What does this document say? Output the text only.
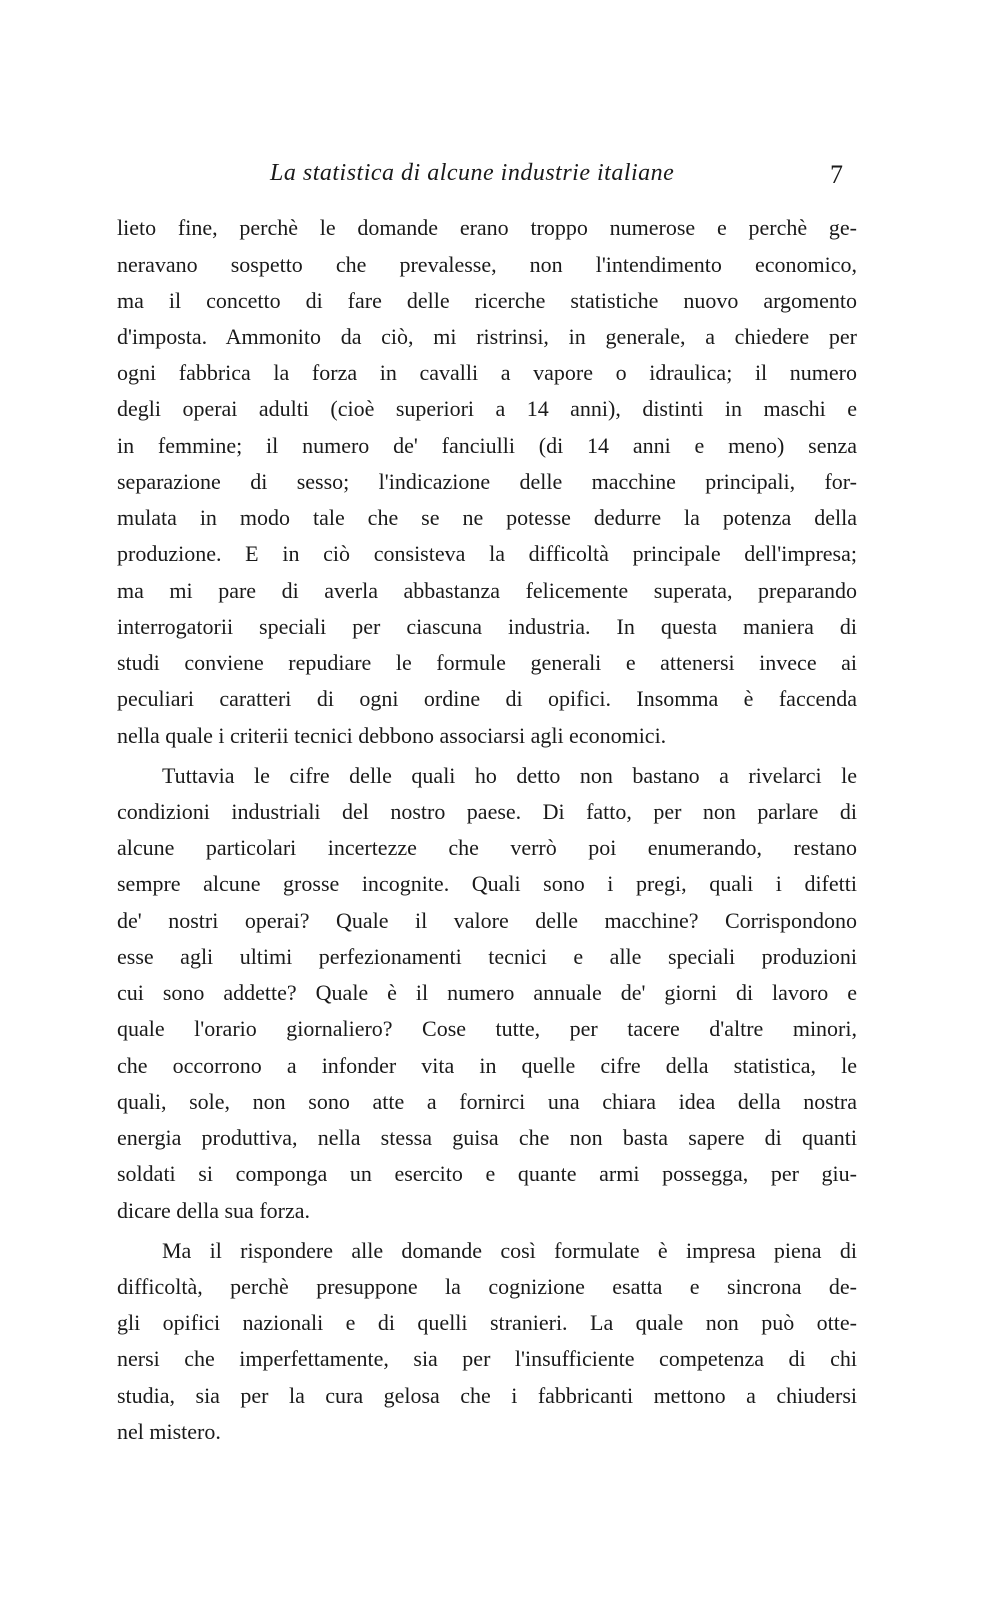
La statistica di alcune industrie italiane	7
lieto fine, perchè le domande erano troppo numerose e perchè ge-
neravano sospetto che prevalesse, non l'intendimento economico,
ma il concetto di fare delle ricerche statistiche nuovo argomento
d'imposta. Ammonito da ciò, mi ristrinsi, in generale, a chiedere per
ogni fabbrica la forza in cavalli a vapore o idraulica; il numero
degli operai adulti (cioè superiori a 14 anni), distinti in maschi e
in femmine; il numero de' fanciulli (di 14 anni e meno) senza
separazione di sesso; l'indicazione delle macchine principali, for-
mulata in modo tale che se ne potesse dedurre la potenza della
produzione. E in ciò consisteva la difficoltà principale dell'impresa;
ma mi pare di averla abbastanza felicemente superata, preparando
interrogatorii speciali per ciascuna industria. In questa maniera di
studi conviene repudiare le formule generali e attenersi invece ai
peculiari caratteri di ogni ordine di opifici. Insomma è faccenda
nella quale i criterii tecnici debbono associarsi agli economici.
Tuttavia le cifre delle quali ho detto non bastano a rivelarci le
condizioni industriali del nostro paese. Di fatto, per non parlare di
alcune particolari incertezze che verrò poi enumerando, restano
sempre alcune grosse incognite. Quali sono i pregi, quali i difetti
de' nostri operai? Quale il valore delle macchine? Corrispondono
esse agli ultimi perfezionamenti tecnici e alle speciali produzioni
cui sono addette? Quale è il numero annuale de' giorni di lavoro e
quale l'orario giornaliero? Cose tutte, per tacere d'altre minori,
che occorrono a infonder vita in quelle cifre della statistica, le
quali, sole, non sono atte a fornirci una chiara idea della nostra
energia produttiva, nella stessa guisa che non basta sapere di quanti
soldati si componga un esercito e quante armi possegga, per giu-
dicare della sua forza.
Ma il rispondere alle domande così formulate è impresa piena di
difficoltà, perchè presuppone la cognizione esatta e sincrona de-
gli opifici nazionali e di quelli stranieri. La quale non può otte-
nersi che imperfettamente, sia per l'insufficiente competenza di chi
studia, sia per la cura gelosa che i fabbricanti mettono a chiudersi
nel mistero.
